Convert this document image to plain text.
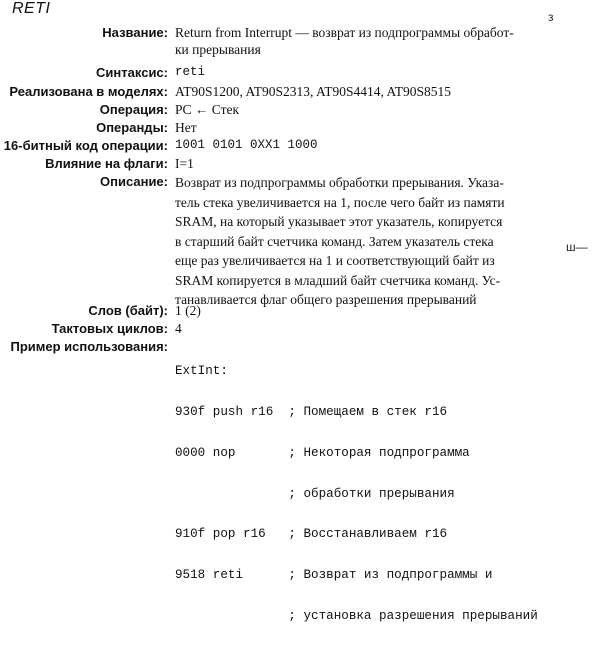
RETI
Название: Return from Interrupt — возврат из подпрограммы обработ-
ки прерывания
Синтаксис: reti
Реализована в моделях: AT90S1200, AT90S2313, AT90S4414, AT90S8515
Операция: PC ← Стек
Операнды: Нет
16-битный код операции: 1001 0101 0XX1 1000
Влияние на флаги: I=1
Описание: Возврат из подпрограммы обработки прерывания. Указа-
тель стека увеличивается на 1, после чего байт из памяти
SRAM, на который указывает этот указатель, копируется
в старший байт счетчика команд. Затем указатель стека
еще раз увеличивается на 1 и соответствующий байт из
SRAM копируется в младший байт счетчика команд. Ус-
танавливается флаг общего разрешения прерываний
Слов (байт): 1 (2)
Тактовых циклов: 4
Пример использования:

ExtInt:

930f push r16  ; Помещаем в стек r16

0000 nop       ; Некоторая подпрограмма

; обработки прерывания

910f pop r16   ; Восстанавливаем r16

9518 reti      ; Возврат из подпрограммы и

; установка разрешения прерываний

з
ш—
